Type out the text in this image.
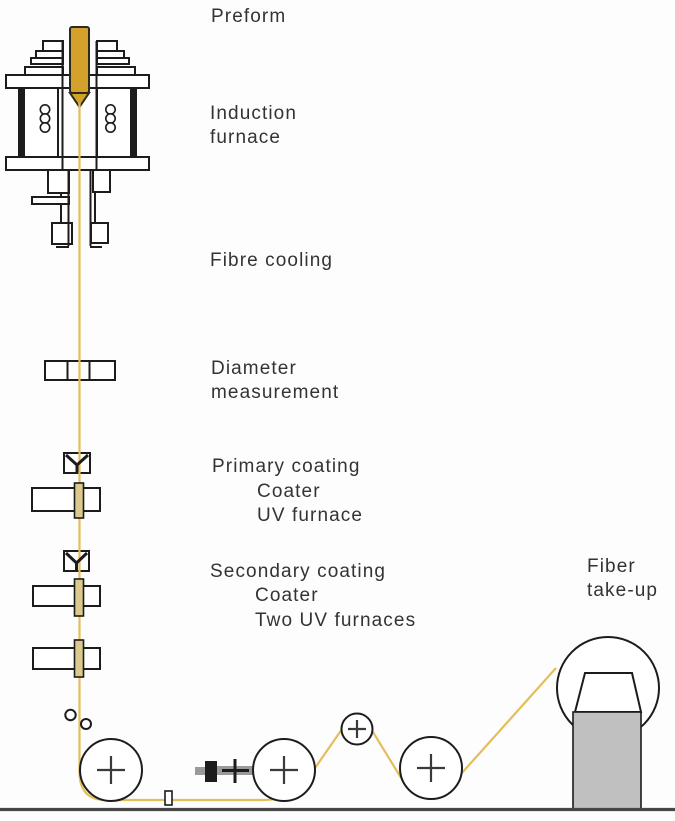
Preform
Induction
furnace
Fibre cooling
Diameter
measurement
Primary coating
Coater
UV furnace
Secondary coating
Coater
Two UV furnaces
Fiber
take-up
